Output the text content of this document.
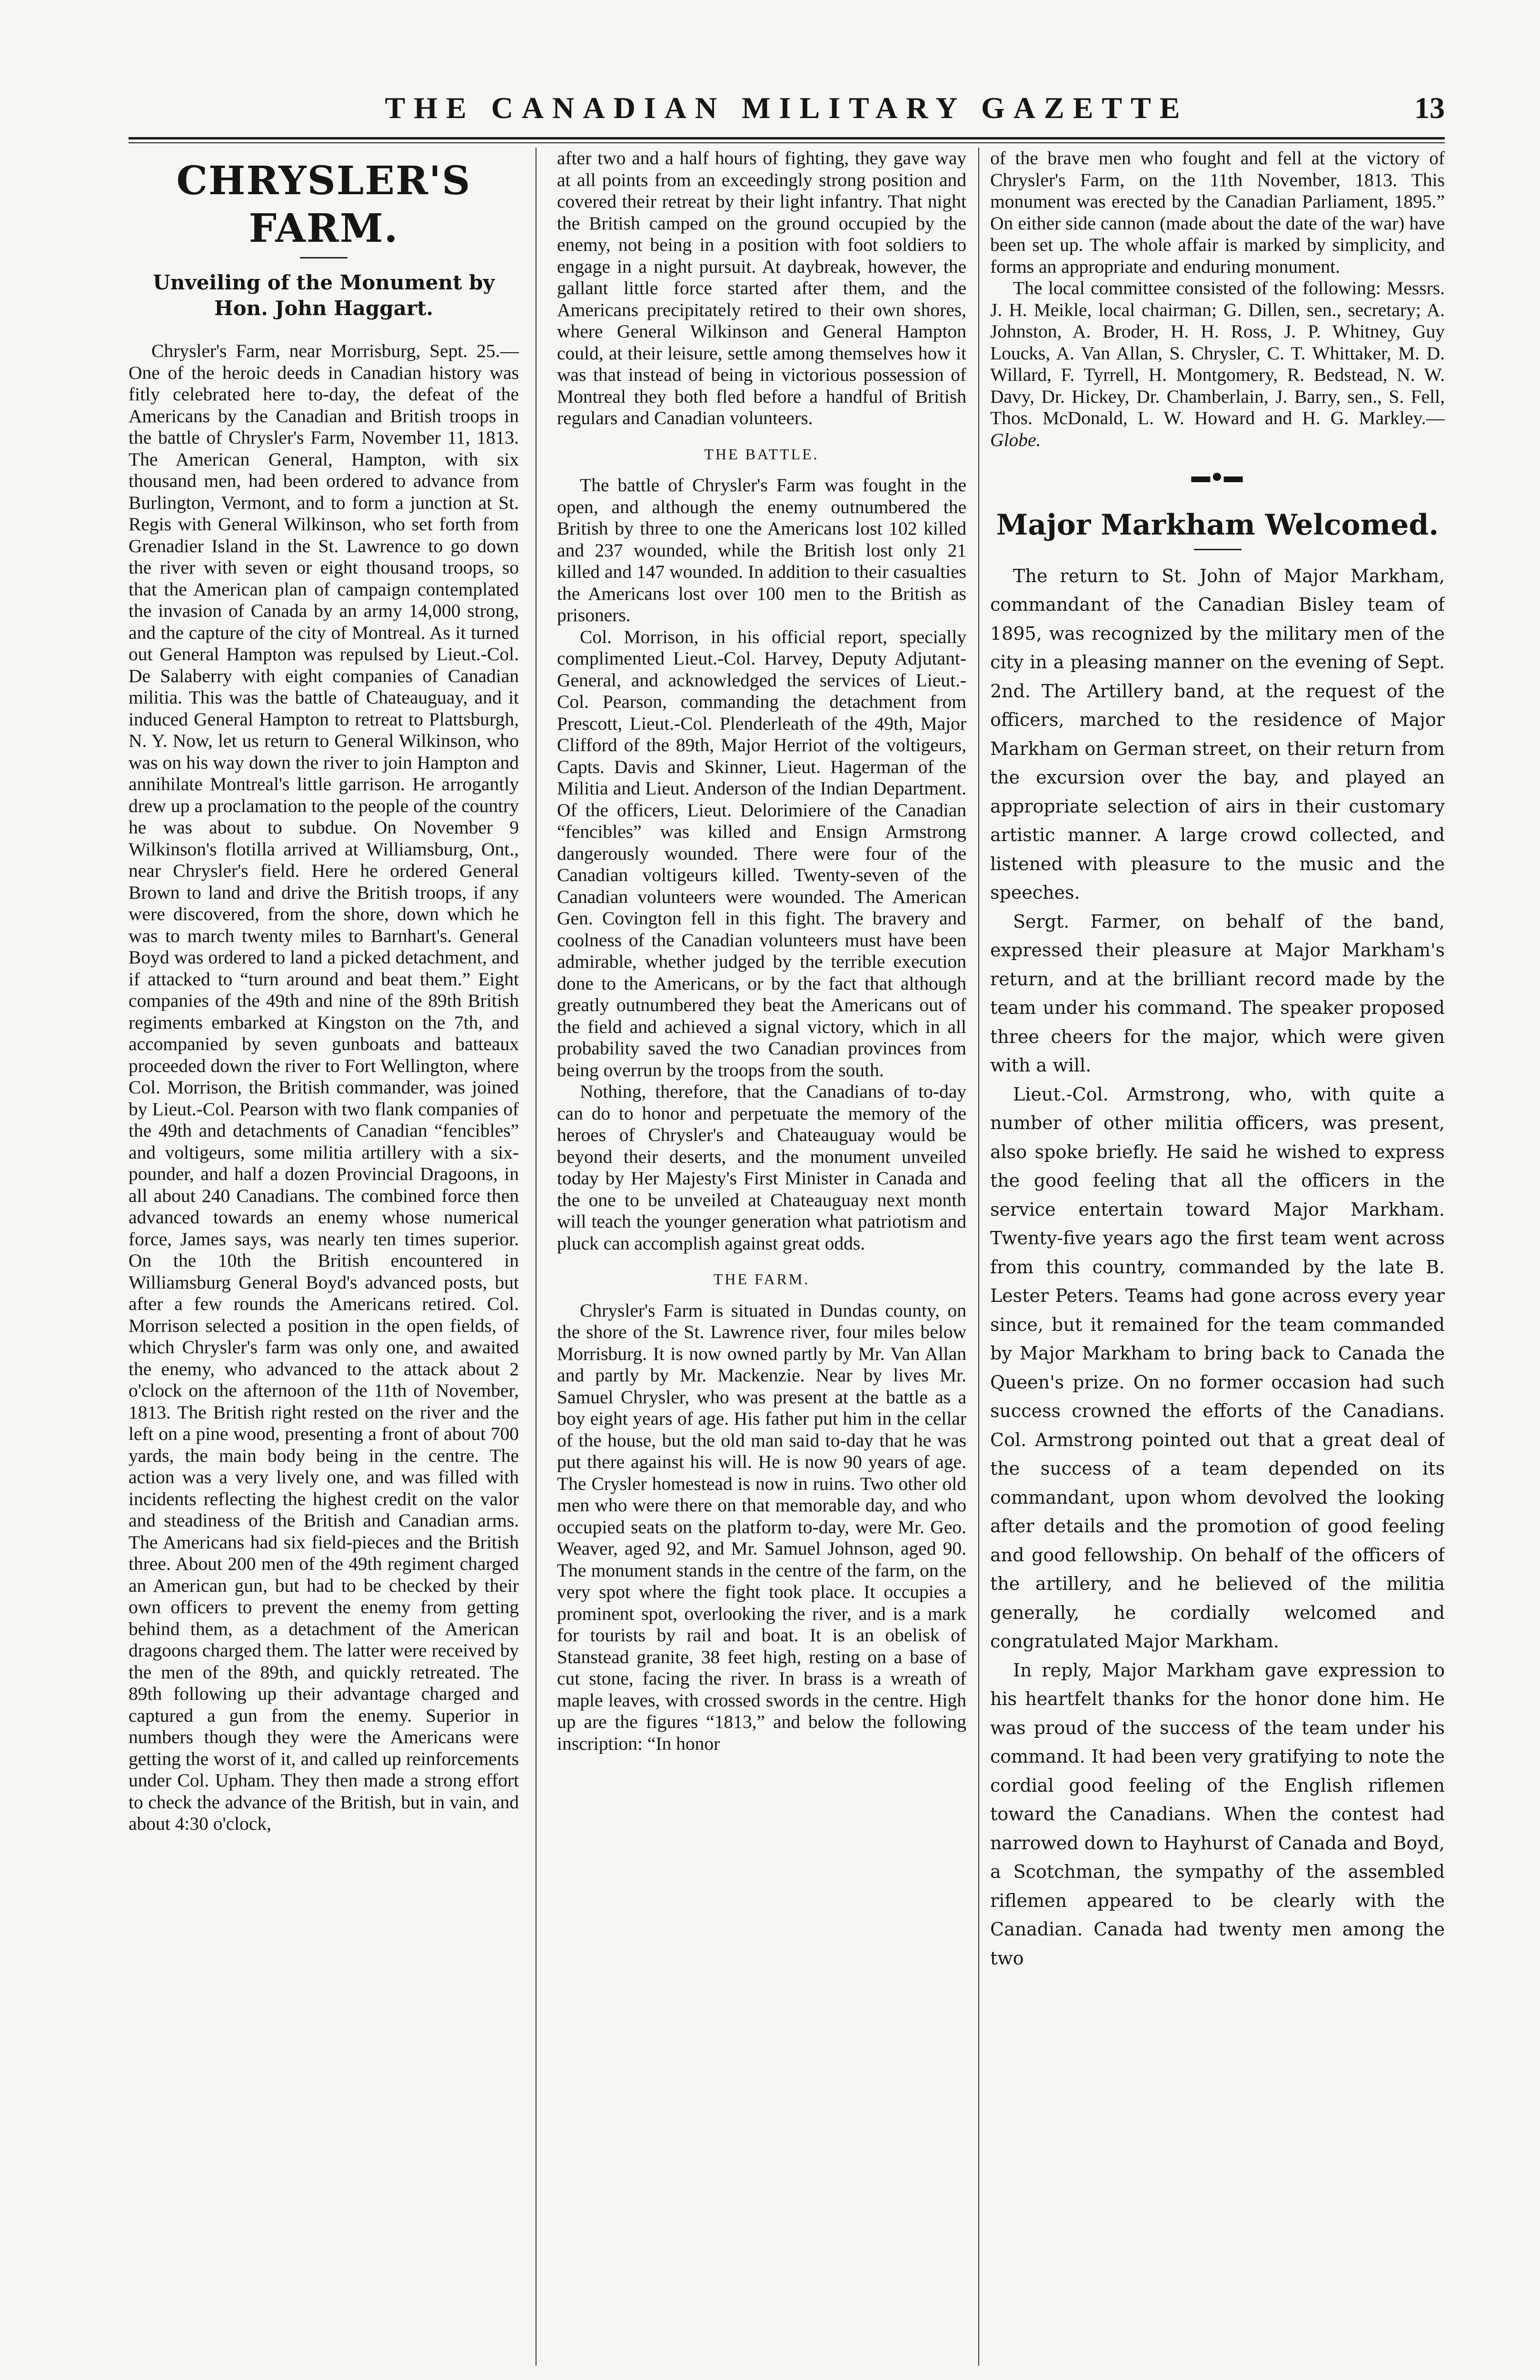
THE CANADIAN MILITARY GAZETTE	13
CHRYSLER'S FARM.
Unveiling of the Monument by Hon. John Haggart.

Chrysler's Farm, near Morrisburg, Sept. 25.—One of the heroic deeds in Canadian history was fitly celebrated here to-day, the defeat of the Americans by the Canadian and British troops in the battle of Chrysler's Farm, November 11, 1813. The American General, Hampton, with six thousand men, had been ordered to advance from Burlington, Vermont, and to form a junction at St. Regis with General Wilkinson, who set forth from Grenadier Island in the St. Lawrence to go down the river with seven or eight thousand troops, so that the American plan of campaign contemplated the invasion of Canada by an army 14,000 strong, and the capture of the city of Montreal. As it turned out General Hampton was repulsed by Lieut.-Col. De Salaberry with eight companies of Canadian militia. This was the battle of Chateauguay, and it induced General Hampton to retreat to Plattsburgh, N. Y. Now, let us return to General Wilkinson, who was on his way down the river to join Hampton and annihilate Montreal's little garrison. He arrogantly drew up a proclamation to the people of the country he was about to subdue. On November 9 Wilkinson's flotilla arrived at Williamsburg, Ont., near Chrysler's field. Here he ordered General Brown to land and drive the British troops, if any were discovered, from the shore, down which he was to march twenty miles to Barnhart's. General Boyd was ordered to land a picked detachment, and if attacked to “turn around and beat them.” Eight companies of the 49th and nine of the 89th British regiments embarked at Kingston on the 7th, and accompanied by seven gunboats and batteaux proceeded down the river to Fort Wellington, where Col. Morrison, the British commander, was joined by Lieut.-Col. Pearson with two flank companies of the 49th and detachments of Canadian “fencibles” and voltigeurs, some militia artillery with a six-pounder, and half a dozen Provincial Dragoons, in all about 240 Canadians. The combined force then advanced towards an enemy whose numerical force, James says, was nearly ten times superior. On the 10th the British encountered in Williamsburg General Boyd's advanced posts, but after a few rounds the Americans retired. Col. Morrison selected a position in the open fields, of which Chrysler's farm was only one, and awaited the enemy, who advanced to the attack about 2 o'clock on the afternoon of the 11th of November, 1813. The British right rested on the river and the left on a pine wood, presenting a front of about 700 yards, the main body being in the centre. The action was a very lively one, and was filled with incidents reflecting the highest credit on the valor and steadiness of the British and Canadian arms. The Americans had six field-pieces and the British three. About 200 men of the 49th regiment charged an American gun, but had to be checked by their own officers to prevent the enemy from getting behind them, as a detachment of the American dragoons charged them. The latter were received by the men of the 89th, and quickly retreated. The 89th following up their advantage charged and captured a gun from the enemy. Superior in numbers though they were the Americans were getting the worst of it, and called up reinforcements under Col. Upham. They then made a strong effort to check the advance of the British, but in vain, and about 4:30 o'clock,

after two and a half hours of fighting, they gave way at all points from an exceedingly strong position and covered their retreat by their light infantry. That night the British camped on the ground occupied by the enemy, not being in a position with foot soldiers to engage in a night pursuit. At daybreak, however, the gallant little force started after them, and the Americans precipitately retired to their own shores, where General Wilkinson and General Hampton could, at their leisure, settle among themselves how it was that instead of being in victorious possession of Montreal they both fled before a handful of British regulars and Canadian volunteers.

THE BATTLE.

The battle of Chrysler's Farm was fought in the open, and although the enemy outnumbered the British by three to one the Americans lost 102 killed and 237 wounded, while the British lost only 21 killed and 147 wounded. In addition to their casualties the Americans lost over 100 men to the British as prisoners.

Col. Morrison, in his official report, specially complimented Lieut.-Col. Harvey, Deputy Adjutant-General, and acknowledged the services of Lieut.-Col. Pearson, commanding the detachment from Prescott, Lieut.-Col. Plenderleath of the 49th, Major Clifford of the 89th, Major Herriot of the voltigeurs, Capts. Davis and Skinner, Lieut. Hagerman of the Militia and Lieut. Anderson of the Indian Department. Of the officers, Lieut. Delorimiere of the Canadian “fencibles” was killed and Ensign Armstrong dangerously wounded. There were four of the Canadian voltigeurs killed. Twenty-seven of the Canadian volunteers were wounded. The American Gen. Covington fell in this fight. The bravery and coolness of the Canadian volunteers must have been admirable, whether judged by the terrible execution done to the Americans, or by the fact that although greatly outnumbered they beat the Americans out of the field and achieved a signal victory, which in all probability saved the two Canadian provinces from being overrun by the troops from the south.

Nothing, therefore, that the Canadians of to-day can do to honor and perpetuate the memory of the heroes of Chrysler's and Chateauguay would be beyond their deserts, and the monument unveiled today by Her Majesty's First Minister in Canada and the one to be unveiled at Chateauguay next month will teach the younger generation what patriotism and pluck can accomplish against great odds.

THE FARM.

Chrysler's Farm is situated in Dundas county, on the shore of the St. Lawrence river, four miles below Morrisburg. It is now owned partly by Mr. Van Allan and partly by Mr. Mackenzie. Near by lives Mr. Samuel Chrysler, who was present at the battle as a boy eight years of age. His father put him in the cellar of the house, but the old man said to-day that he was put there against his will. He is now 90 years of age. The Crysler homestead is now in ruins. Two other old men who were there on that memorable day, and who occupied seats on the platform to-day, were Mr. Geo. Weaver, aged 92, and Mr. Samuel Johnson, aged 90. The monument stands in the centre of the farm, on the very spot where the fight took place. It occupies a prominent spot, overlooking the river, and is a mark for tourists by rail and boat. It is an obelisk of Stanstead granite, 38 feet high, resting on a base of cut stone, facing the river. In brass is a wreath of maple leaves, with crossed swords in the centre. High up are the figures “1813,” and below the following inscription: “In honor

of the brave men who fought and fell at the victory of Chrysler's Farm, on the 11th November, 1813. This monument was erected by the Canadian Parliament, 1895.” On either side cannon (made about the date of the war) have been set up. The whole affair is marked by simplicity, and forms an appropriate and enduring monument.

The local committee consisted of the following: Messrs. J. H. Meikle, local chairman; G. Dillen, sen., secretary; A. Johnston, A. Broder, H. H. Ross, J. P. Whitney, Guy Loucks, A. Van Allan, S. Chrysler, C. T. Whittaker, M. D. Willard, F. Tyrrell, H. Montgomery, R. Bedstead, N. W. Davy, Dr. Hickey, Dr. Chamberlain, J. Barry, sen., S. Fell, Thos. McDonald, L. W. Howard and H. G. Markley.—Globe.

▬●▬
Major Markham Welcomed.

The return to St. John of Major Markham, commandant of the Canadian Bisley team of 1895, was recognized by the military men of the city in a pleasing manner on the evening of Sept. 2nd. The Artillery band, at the request of the officers, marched to the residence of Major Markham on German street, on their return from the excursion over the bay, and played an appropriate selection of airs in their customary artistic manner. A large crowd collected, and listened with pleasure to the music and the speeches.

Sergt. Farmer, on behalf of the band, expressed their pleasure at Major Markham's return, and at the brilliant record made by the team under his command. The speaker proposed three cheers for the major, which were given with a will.

Lieut.-Col. Armstrong, who, with quite a number of other militia officers, was present, also spoke briefly. He said he wished to express the good feeling that all the officers in the service entertain toward Major Markham. Twenty-five years ago the first team went across from this country, commanded by the late B. Lester Peters. Teams had gone across every year since, but it remained for the team commanded by Major Markham to bring back to Canada the Queen's prize. On no former occasion had such success crowned the efforts of the Canadians. Col. Armstrong pointed out that a great deal of the success of a team depended on its commandant, upon whom devolved the looking after details and the promotion of good feeling and good fellowship. On behalf of the officers of the artillery, and he believed of the militia generally, he cordially welcomed and congratulated Major Markham.

In reply, Major Markham gave expression to his heartfelt thanks for the honor done him. He was proud of the success of the team under his command. It had been very gratifying to note the cordial good feeling of the English riflemen toward the Canadians. When the contest had narrowed down to Hayhurst of Canada and Boyd, a Scotchman, the sympathy of the assembled riflemen appeared to be clearly with the Canadian. Canada had twenty men among the two
